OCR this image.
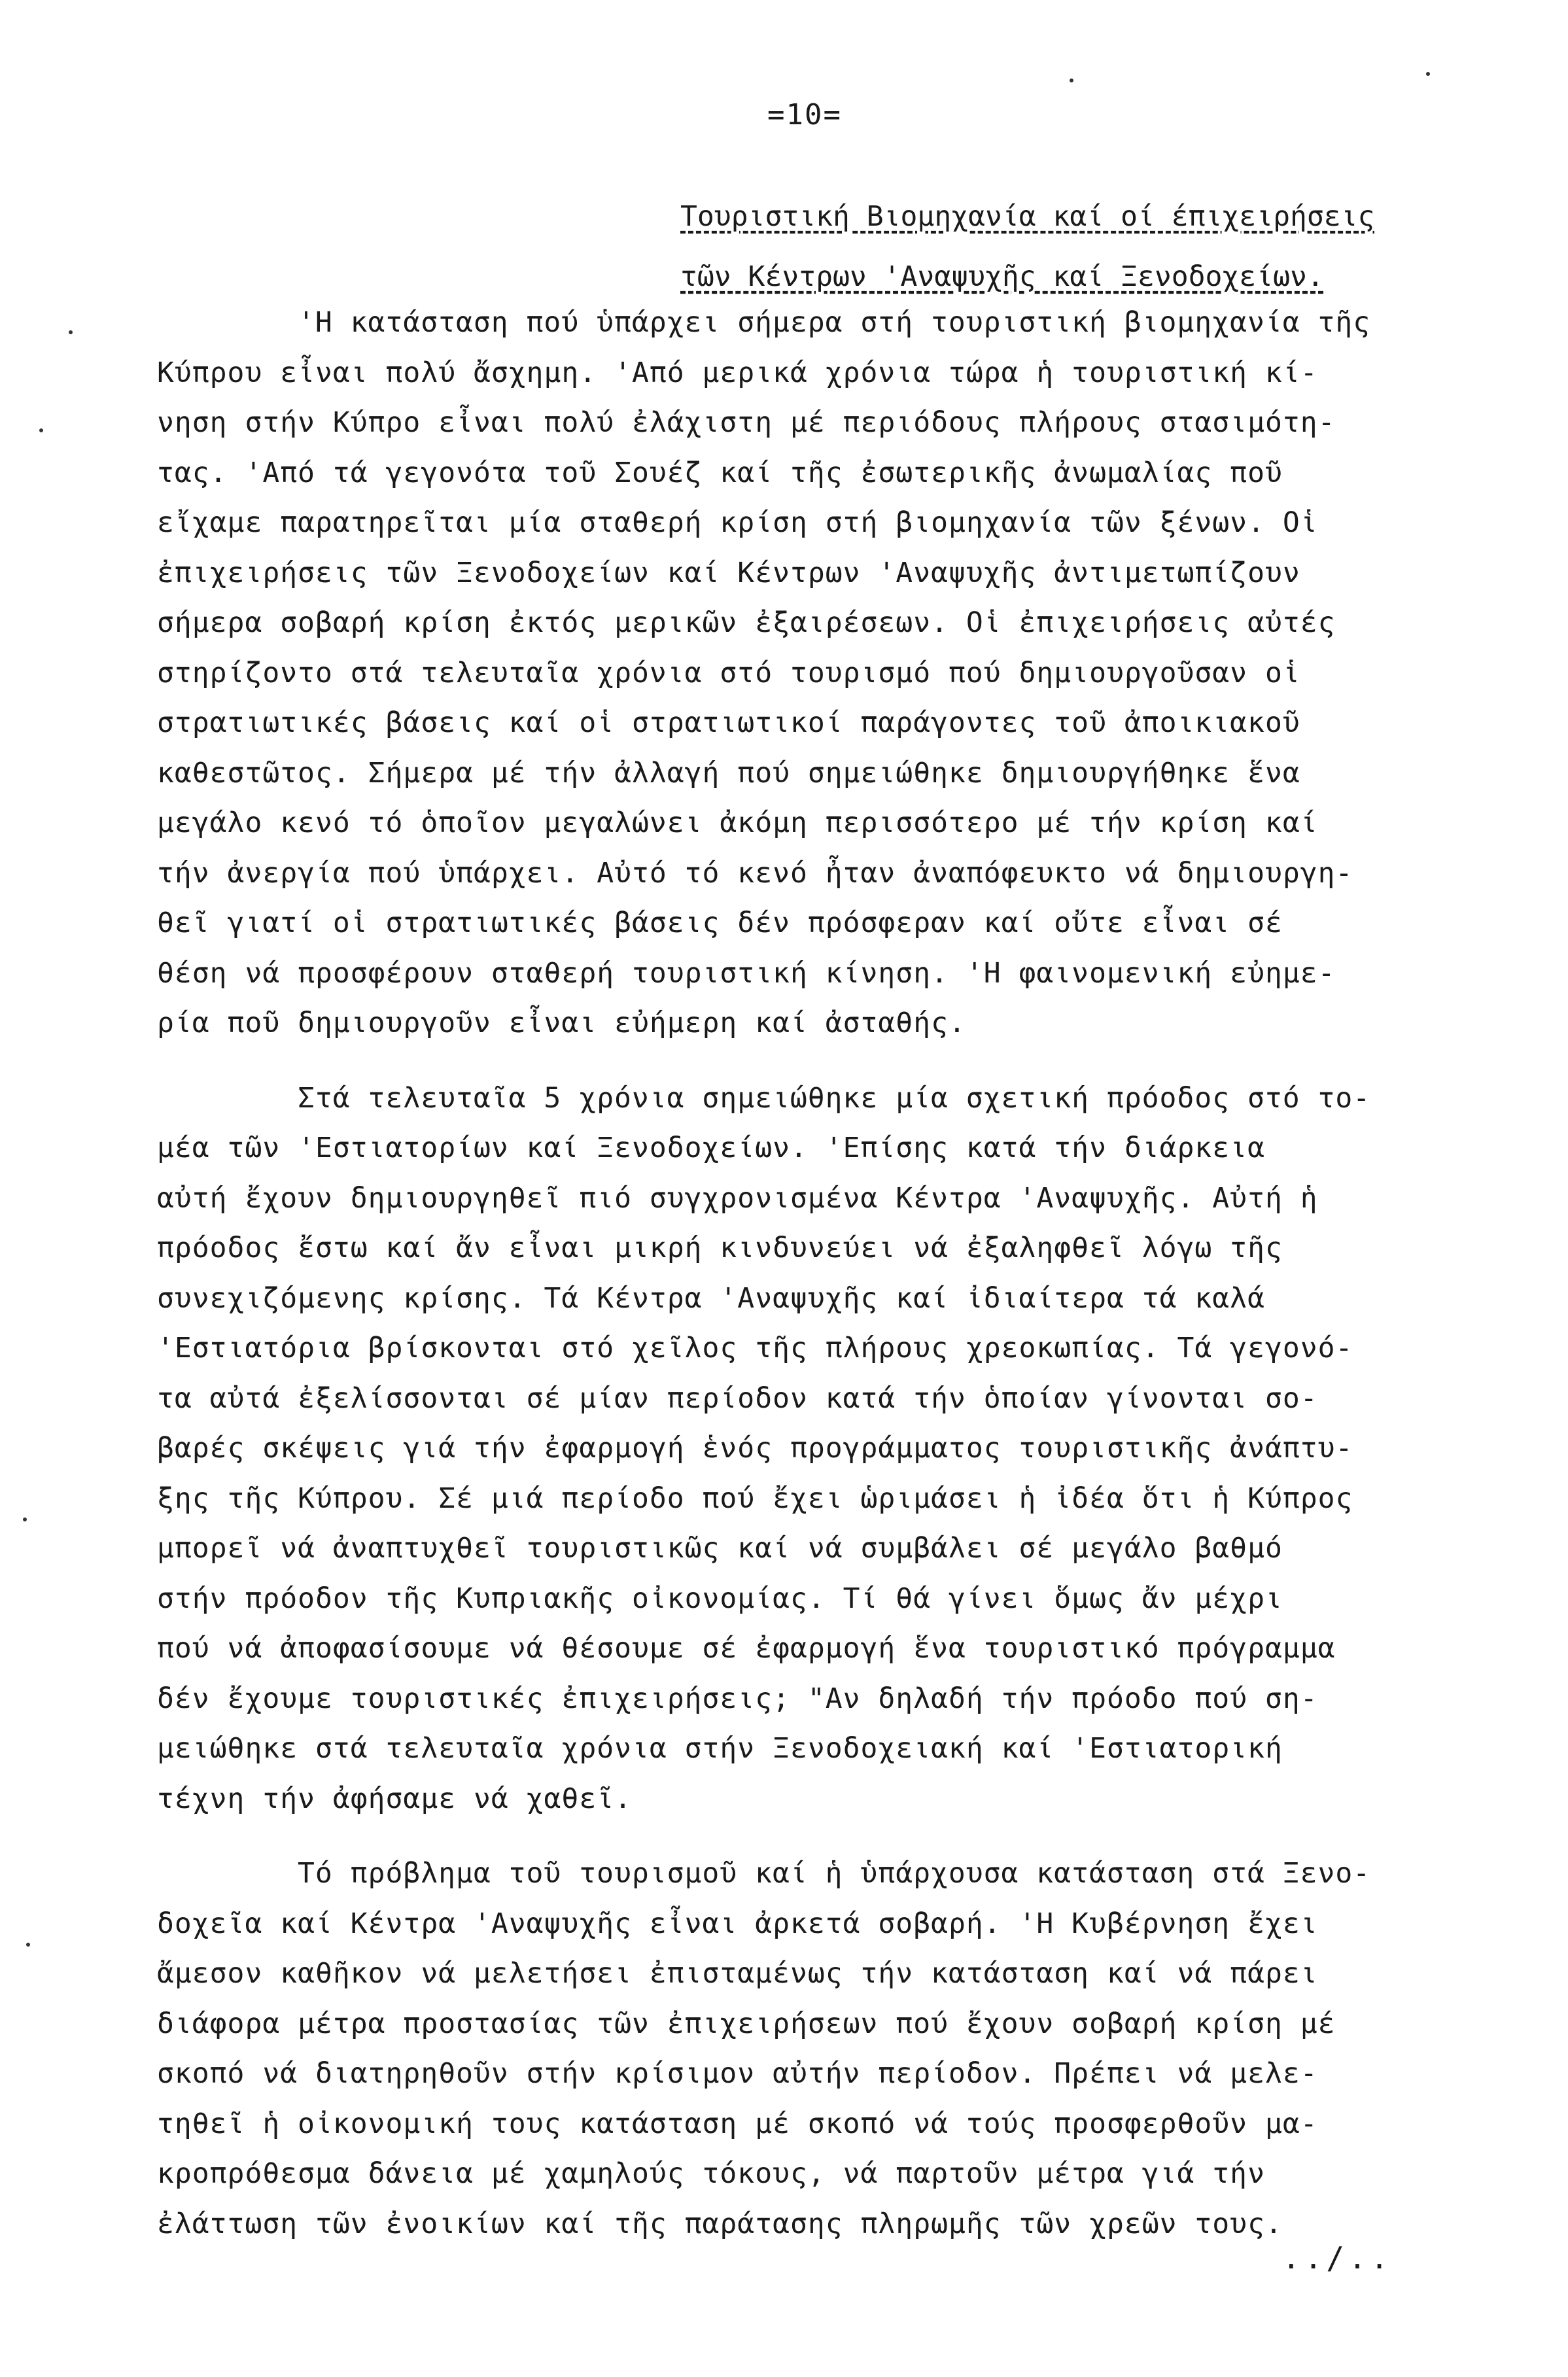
=10=
Τουριστική Βιομηχανία καί οί έπιχειρήσεις
τῶν Κέντρων 'Αναψυχῆς καί Ξενοδοχείων.
'Η κατάσταση πού ὑπάρχει σήμερα στή τουριστική βιομηχανία τῆς
Κύπρου εἶναι πολύ ἄσχημη. 'Από μερικά χρόνια τώρα ἡ τουριστική κί-
νηση στήν Κύπρο εἶναι πολύ ἐλάχιστη μέ περιόδους πλήρους στασιμότη-
τας. 'Από τά γεγονότα τοῦ Σουέζ καί τῆς ἐσωτερικῆς ἀνωμαλίας ποῦ
εἴχαμε παρατηρεῖται μία σταθερή κρίση στή βιομηχανία τῶν ξένων. Οἱ
ἐπιχειρήσεις τῶν Ξενοδοχείων καί Κέντρων 'Αναψυχῆς ἀντιμετωπίζουν
σήμερα σοβαρή κρίση ἐκτός μερικῶν ἐξαιρέσεων. Οἱ ἐπιχειρήσεις αὐτές
στηρίζοντο στά τελευταῖα χρόνια στό τουρισμό πού δημιουργοῦσαν οἱ
στρατιωτικές βάσεις καί οἱ στρατιωτικοί παράγοντες τοῦ ἀποικιακοῦ
καθεστῶτος. Σήμερα μέ τήν ἀλλαγή πού σημειώθηκε δημιουργήθηκε ἕνα
μεγάλο κενό τό ὁποῖον μεγαλώνει ἀκόμη περισσότερο μέ τήν κρίση καί
τήν ἀνεργία πού ὑπάρχει. Αὐτό τό κενό ἦταν ἀναπόφευκτο νά δημιουργη-
θεῖ γιατί οἱ στρατιωτικές βάσεις δέν πρόσφεραν καί οὔτε εἶναι σέ
θέση νά προσφέρουν σταθερή τουριστική κίνηση. 'Η φαινομενική εὐημε-
ρία ποῦ δημιουργοῦν εἶναι εὐήμερη καί ἀσταθής.
Στά τελευταῖα 5 χρόνια σημειώθηκε μία σχετική πρόοδος στό το-
μέα τῶν 'Εστιατορίων καί Ξενοδοχείων. 'Επίσης κατά τήν διάρκεια
αὐτή ἔχουν δημιουργηθεῖ πιό συγχρονισμένα Κέντρα 'Αναψυχῆς. Αὐτή ἡ
πρόοδος ἔστω καί ἄν εἶναι μικρή κινδυνεύει νά ἐξαληφθεῖ λόγω τῆς
συνεχιζόμενης κρίσης. Τά Κέντρα 'Αναψυχῆς καί ἰδιαίτερα τά καλά
'Εστιατόρια βρίσκονται στό χεῖλος τῆς πλήρους χρεοκωπίας. Τά γεγονό-
τα αὐτά ἐξελίσσονται σέ μίαν περίοδον κατά τήν ὁποίαν γίνονται σο-
βαρές σκέψεις γιά τήν ἐφαρμογή ἑνός προγράμματος τουριστικῆς ἀνάπτυ-
ξης τῆς Κύπρου. Σέ μιά περίοδο πού ἔχει ὡριμάσει ἡ ἰδέα ὅτι ἡ Κύπρος
μπορεῖ νά ἀναπτυχθεῖ τουριστικῶς καί νά συμβάλει σέ μεγάλο βαθμό
στήν πρόοδον τῆς Κυπριακῆς οἰκονομίας. Τί θά γίνει ὅμως ἄν μέχρι
πού νά ἀποφασίσουμε νά θέσουμε σέ ἐφαρμογή ἕνα τουριστικό πρόγραμμα
δέν ἔχουμε τουριστικές ἐπιχειρήσεις; "Αν δηλαδή τήν πρόοδο πού ση-
μειώθηκε στά τελευταῖα χρόνια στήν Ξενοδοχειακή καί 'Εστιατορική
τέχνη τήν ἀφήσαμε νά χαθεῖ.
Τό πρόβλημα τοῦ τουρισμοῦ καί ἡ ὑπάρχουσα κατάσταση στά Ξενο-
δοχεῖα καί Κέντρα 'Αναψυχῆς εἶναι ἀρκετά σοβαρή. 'Η Κυβέρνηση ἔχει
ἄμεσον καθῆκον νά μελετήσει ἐπισταμένως τήν κατάσταση καί νά πάρει
διάφορα μέτρα προστασίας τῶν ἐπιχειρήσεων πού ἔχουν σοβαρή κρίση μέ
σκοπό νά διατηρηθοῦν στήν κρίσιμον αὐτήν περίοδον. Πρέπει νά μελε-
τηθεῖ ἡ οἰκονομική τους κατάσταση μέ σκοπό νά τούς προσφερθοῦν μα-
κροπρόθεσμα δάνεια μέ χαμηλούς τόκους, νά παρτοῦν μέτρα γιά τήν
ἐλάττωση τῶν ἐνοικίων καί τῆς παράτασης πληρωμῆς τῶν χρεῶν τους.
../..
